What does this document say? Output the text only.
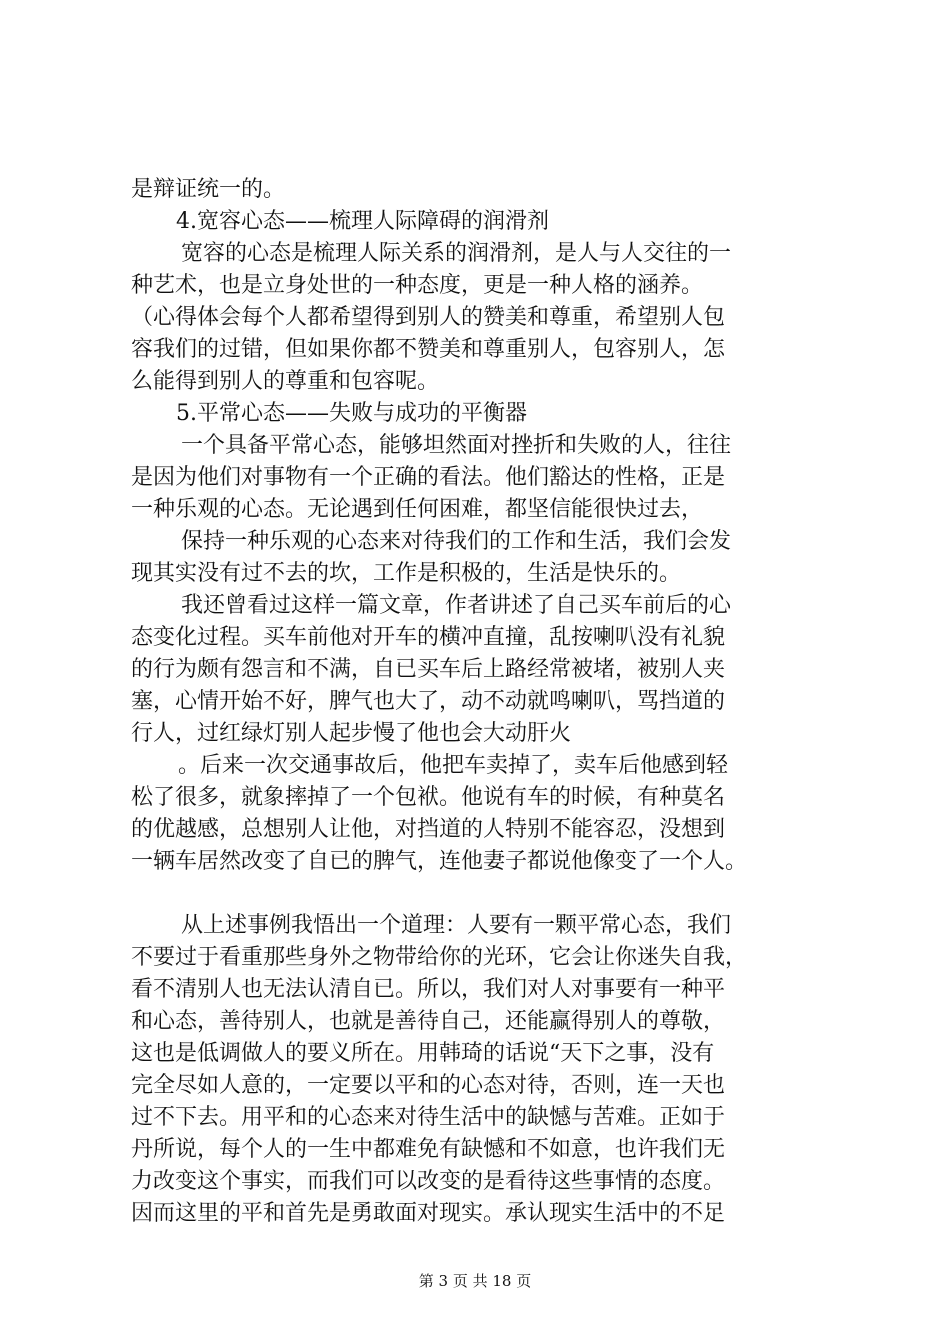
是辩证统一的。
4.宽容心态——梳理人际障碍的润滑剂
宽容的心态是梳理人际关系的润滑剂，是人与人交往的一
种艺术，也是立身处世的一种态度，更是一种人格的涵养。
（心得体会每个人都希望得到别人的赞美和尊重，希望别人包
容我们的过错，但如果你都不赞美和尊重别人，包容别人，怎
么能得到别人的尊重和包容呢。
5.平常心态——失败与成功的平衡器
一个具备平常心态，能够坦然面对挫折和失败的人，往往
是因为他们对事物有一个正确的看法。他们豁达的性格，正是
一种乐观的心态。无论遇到任何困难，都坚信能很快过去，
保持一种乐观的心态来对待我们的工作和生活，我们会发
现其实没有过不去的坎，工作是积极的，生活是快乐的。
我还曾看过这样一篇文章，作者讲述了自己买车前后的心
态变化过程。买车前他对开车的横冲直撞，乱按喇叭没有礼貌
的行为颇有怨言和不满，自已买车后上路经常被堵，被别人夹
塞，心情开始不好，脾气也大了，动不动就鸣喇叭，骂挡道的
行人，过红绿灯别人起步慢了他也会大动肝火
。后来一次交通事故后，他把车卖掉了，卖车后他感到轻
松了很多，就象摔掉了一个包袱。他说有车的时候，有种莫名
的优越感，总想别人让他，对挡道的人特别不能容忍，没想到
一辆车居然改变了自已的脾气，连他妻子都说他像变了一个人。
从上述事例我悟出一个道理：人要有一颗平常心态，我们
不要过于看重那些身外之物带给你的光环，它会让你迷失自我，
看不清别人也无法认清自已。所以，我们对人对事要有一种平
和心态，善待别人，也就是善待自己，还能赢得别人的尊敬，
这也是低调做人的要义所在。用韩琦的话说“天下之事，没有
完全尽如人意的，一定要以平和的心态对待，否则，连一天也
过不下去。用平和的心态来对待生活中的缺憾与苦难。正如于
丹所说，每个人的一生中都难免有缺憾和不如意，也许我们无
力改变这个事实，而我们可以改变的是看待这些事情的态度。
因而这里的平和首先是勇敢面对现实。承认现实生活中的不足
第 3 页 共 18 页
